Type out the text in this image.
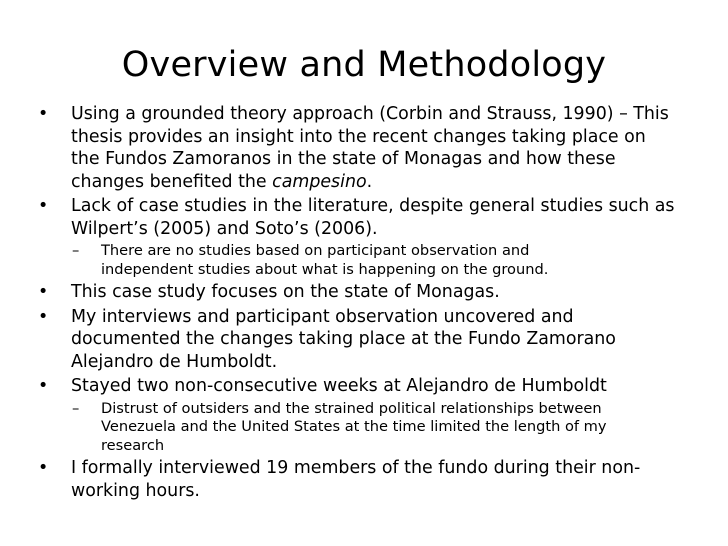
Overview and Methodology
•	Using a grounded theory approach (Corbin and Strauss, 1990) – This
thesis provides an insight into the recent changes taking place on
the Fundos Zamoranos in the state of Monagas and how these
changes benefited the campesino.
•	Lack of case studies in the literature, despite general studies such as
Wilpert’s (2005) and Soto’s (2006).
–	There are no studies based on participant observation and
independent studies about what is happening on the ground.
•	This case study focuses on the state of Monagas.
•	My interviews and participant observation uncovered and
documented the changes taking place at the Fundo Zamorano
Alejandro de Humboldt.
•	Stayed two non-consecutive weeks at Alejandro de Humboldt
–	Distrust of outsiders and the strained political relationships between
Venezuela and the United States at the time limited the length of my
research
•	I formally interviewed 19 members of the fundo during their non-
working hours.
